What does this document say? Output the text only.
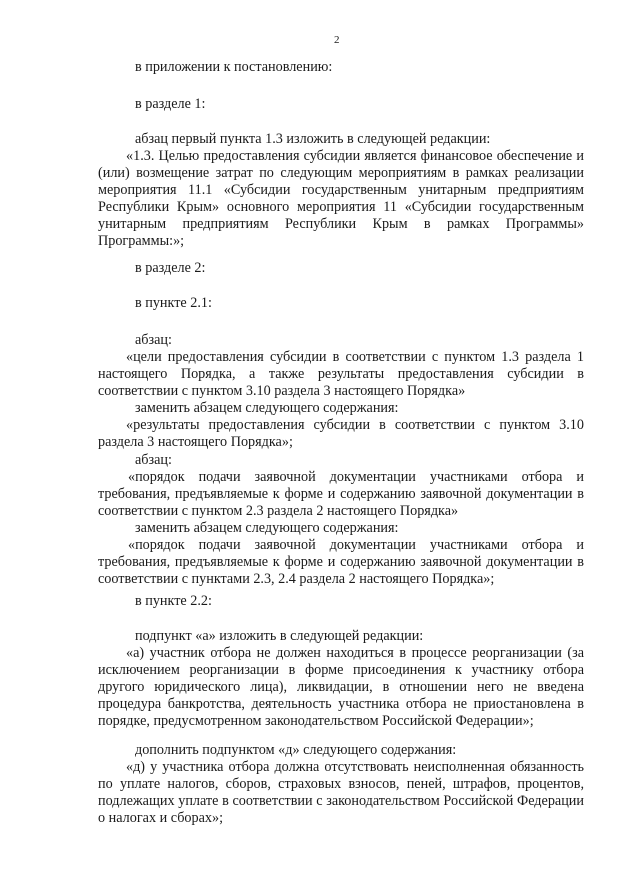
2

в приложении к постановлению:

в разделе 1:

абзац первый пункта 1.3 изложить в следующей редакции:

«1.3. Целью предоставления субсидии является финансовое обеспечение и (или) возмещение затрат по следующим мероприятиям в рамках реализации мероприятия 11.1 «Субсидии государственным унитарным предприятиям Республики Крым» основного мероприятия 11 «Субсидии государственным унитарным предприятиям Республики Крым в рамках Программы» Программы:»;

в разделе 2:

в пункте 2.1:

абзац:

«цели предоставления субсидии в соответствии с пунктом 1.3 раздела 1 настоящего Порядка, а также результаты предоставления субсидии в соответствии с пунктом 3.10 раздела 3 настоящего Порядка»

заменить абзацем следующего содержания:

«результаты предоставления субсидии в соответствии с пунктом 3.10 раздела 3 настоящего Порядка»;

абзац:

«порядок подачи заявочной документации участниками отбора и требования, предъявляемые к форме и содержанию заявочной документации в соответствии с пунктом 2.3 раздела 2 настоящего Порядка»

заменить абзацем следующего содержания:

«порядок подачи заявочной документации участниками отбора и требования, предъявляемые к форме и содержанию заявочной документации в соответствии с пунктами 2.3, 2.4 раздела 2 настоящего Порядка»;

в пункте 2.2:

подпункт «а» изложить в следующей редакции:

«а) участник отбора не должен находиться в процессе реорганизации (за исключением реорганизации в форме присоединения к участнику отбора другого юридического лица), ликвидации, в отношении него не введена процедура банкротства, деятельность участника отбора не приостановлена в порядке, предусмотренном законодательством Российской Федерации»;

дополнить подпунктом «д» следующего содержания:

«д) у участника отбора должна отсутствовать неисполненная обязанность по уплате налогов, сборов, страховых взносов, пеней, штрафов, процентов, подлежащих уплате в соответствии с законодательством Российской Федерации о налогах и сборах»;
